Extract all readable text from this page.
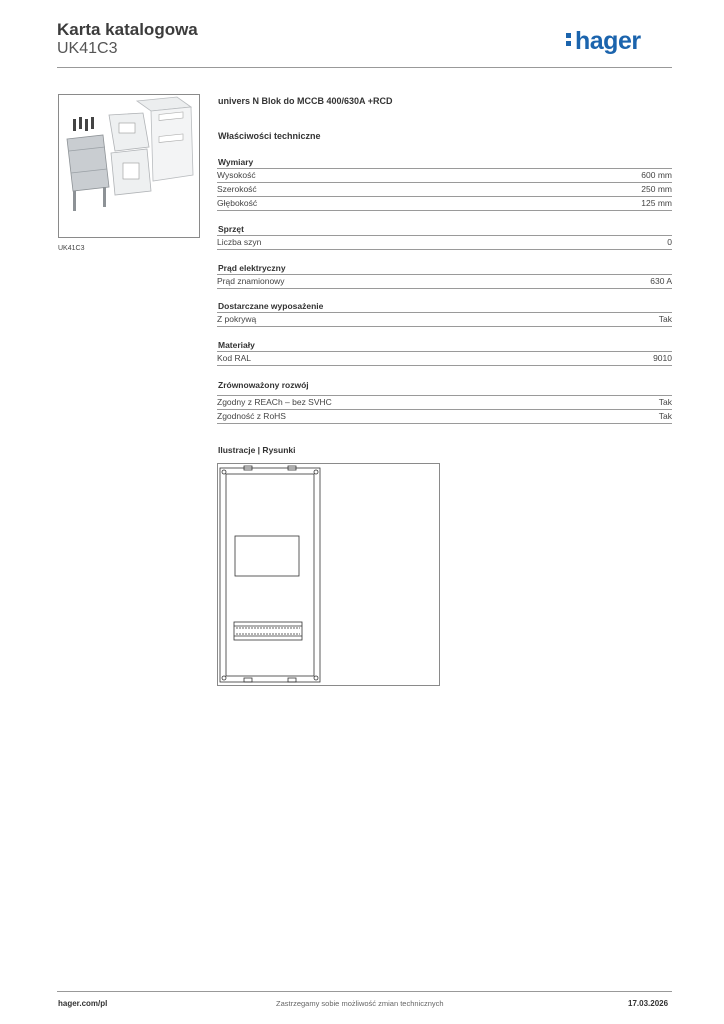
Karta katalogowa
UK41C3	hager
UK41C3
univers N Blok do MCCB 400/630A +RCD
Właściwości techniczne
Wymiary
Wysokość	600 mm
Szerokość	250 mm
Głębokość	125 mm
Sprzęt
Liczba szyn	0
Prąd elektryczny
Prąd znamionowy	630 A
Dostarczane wyposażenie
Z pokrywą	Tak
Materiały
Kod RAL	9010
Zrównoważony rozwój
Zgodny z REACh – bez SVHC	Tak
Zgodność z RoHS	Tak
Ilustracje | Rysunki
hager.com/pl	Zastrzegamy sobie możliwość zmian technicznych	17.03.2026
